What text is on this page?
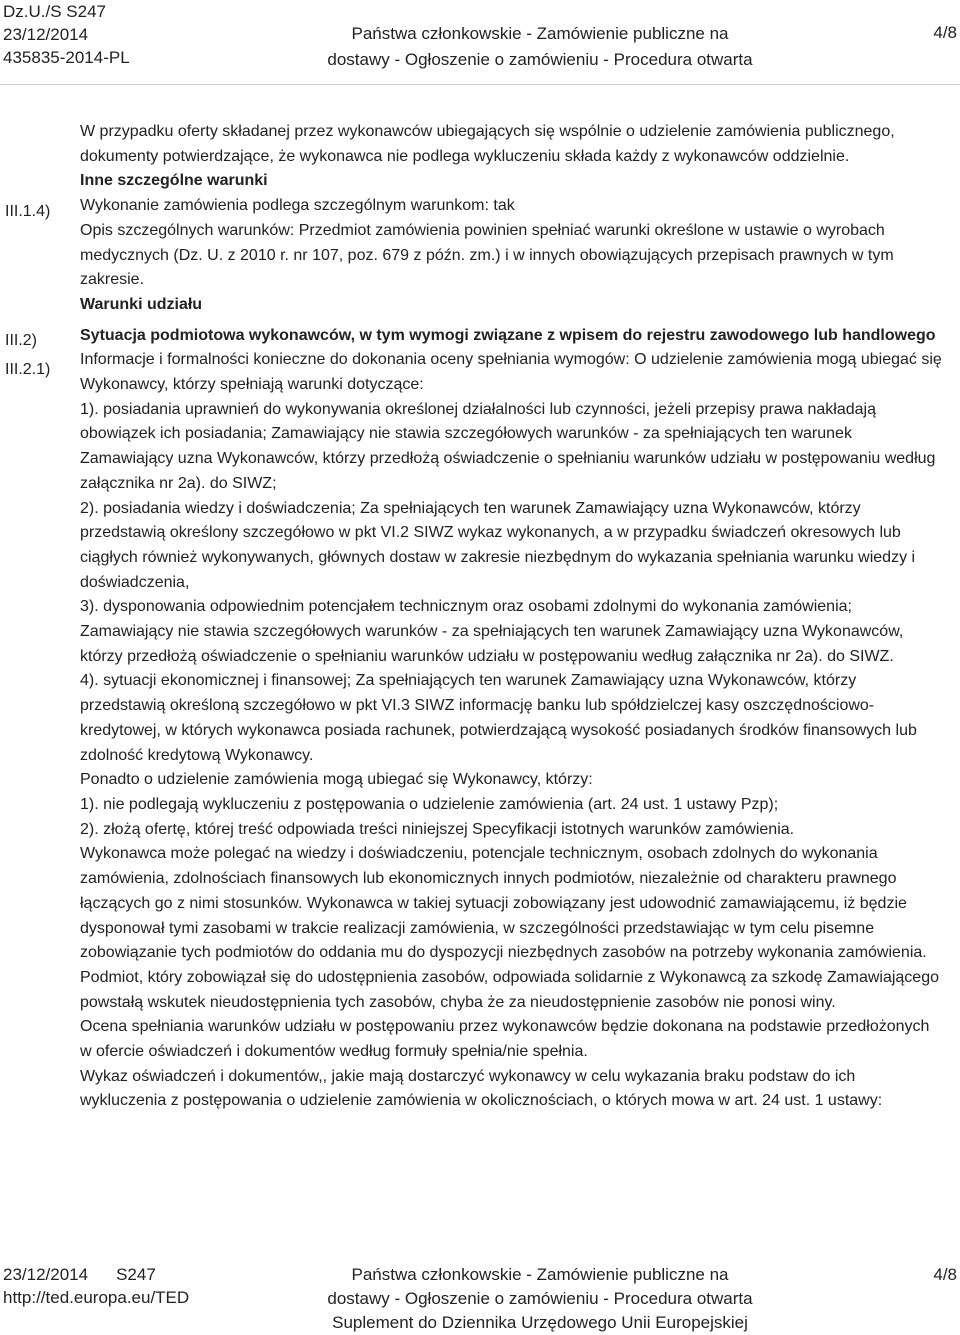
Dz.U./S S247
23/12/2014
435835-2014-PL
Państwa członkowskie - Zamówienie publiczne na
dostawy - Ogłoszenie o zamówieniu - Procedura otwarta
4/8
III.1.4)
III.2)
III.2.1)

W przypadku oferty składanej przez wykonawców ubiegających się wspólnie o udzielenie zamówienia publicznego, dokumenty potwierdzające, że wykonawca nie podlega wykluczeniu składa każdy z wykonawców oddzielnie.

Inne szczególne warunki

Wykonanie zamówienia podlega szczególnym warunkom: tak

Opis szczególnych warunków: Przedmiot zamówienia powinien spełniać warunki określone w ustawie o wyrobach medycznych (Dz. U. z 2010 r. nr 107, poz. 679 z późn. zm.) i w innych obowiązujących przepisach prawnych w tym zakresie.

Warunki udziału

Sytuacja podmiotowa wykonawców, w tym wymogi związane z wpisem do rejestru zawodowego lub handlowego

Informacje i formalności konieczne do dokonania oceny spełniania wymogów: O udzielenie zamówienia mogą ubiegać się Wykonawcy, którzy spełniają warunki dotyczące:

1). posiadania uprawnień do wykonywania określonej działalności lub czynności, jeżeli przepisy prawa nakładają obowiązek ich posiadania; Zamawiający nie stawia szczegółowych warunków - za spełniających ten warunek Zamawiający uzna Wykonawców, którzy przedłożą oświadczenie o spełnianiu warunków udziału w postępowaniu według załącznika nr 2a). do SIWZ;

2). posiadania wiedzy i doświadczenia; Za spełniających ten warunek Zamawiający uzna Wykonawców, którzy przedstawią określony szczegółowo w pkt VI.2 SIWZ wykaz wykonanych, a w przypadku świadczeń okresowych lub ciągłych również wykonywanych, głównych dostaw w zakresie niezbędnym do wykazania spełniania warunku wiedzy i doświadczenia,

3). dysponowania odpowiednim potencjałem technicznym oraz osobami zdolnymi do wykonania zamówienia; Zamawiający nie stawia szczegółowych warunków - za spełniających ten warunek Zamawiający uzna Wykonawców, którzy przedłożą oświadczenie o spełnianiu warunków udziału w postępowaniu według załącznika nr 2a). do SIWZ.

4). sytuacji ekonomicznej i finansowej; Za spełniających ten warunek Zamawiający uzna Wykonawców, którzy przedstawią określoną szczegółowo w pkt VI.3 SIWZ informację banku lub spółdzielczej kasy oszczędnościowo-kredytowej, w których wykonawca posiada rachunek, potwierdzającą wysokość posiadanych środków finansowych lub zdolność kredytową Wykonawcy.

Ponadto o udzielenie zamówienia mogą ubiegać się Wykonawcy, którzy:

1). nie podlegają wykluczeniu z postępowania o udzielenie zamówienia (art. 24 ust. 1 ustawy Pzp);

2). złożą ofertę, której treść odpowiada treści niniejszej Specyfikacji istotnych warunków zamówienia.

Wykonawca może polegać na wiedzy i doświadczeniu, potencjale technicznym, osobach zdolnych do wykonania zamówienia, zdolnościach finansowych lub ekonomicznych innych podmiotów, niezależnie od charakteru prawnego łączących go z nimi stosunków. Wykonawca w takiej sytuacji zobowiązany jest udowodnić zamawiającemu, iż będzie dysponował tymi zasobami w trakcie realizacji zamówienia, w szczególności przedstawiając w tym celu pisemne zobowiązanie tych podmiotów do oddania mu do dyspozycji niezbędnych zasobów na potrzeby wykonania zamówienia. Podmiot, który zobowiązał się do udostępnienia zasobów, odpowiada solidarnie z Wykonawcą za szkodę Zamawiającego powstałą wskutek nieudostępnienia tych zasobów, chyba że za nieudostępnienie zasobów nie ponosi winy.

Ocena spełniania warunków udziału w postępowaniu przez wykonawców będzie dokonana na podstawie przedłożonych w ofercie oświadczeń i dokumentów według formuły spełnia/nie spełnia.

Wykaz oświadczeń i dokumentów,, jakie mają dostarczyć wykonawcy w celu wykazania braku podstaw do ich wykluczenia z postępowania o udzielenie zamówienia w okolicznościach, o których mowa w art. 24 ust. 1 ustawy:

23/12/2014 S247
http://ted.europa.eu/TED
Państwa członkowskie - Zamówienie publiczne na
dostawy - Ogłoszenie o zamówieniu - Procedura otwarta
Suplement do Dziennika Urzędowego Unii Europejskiej
4/8
